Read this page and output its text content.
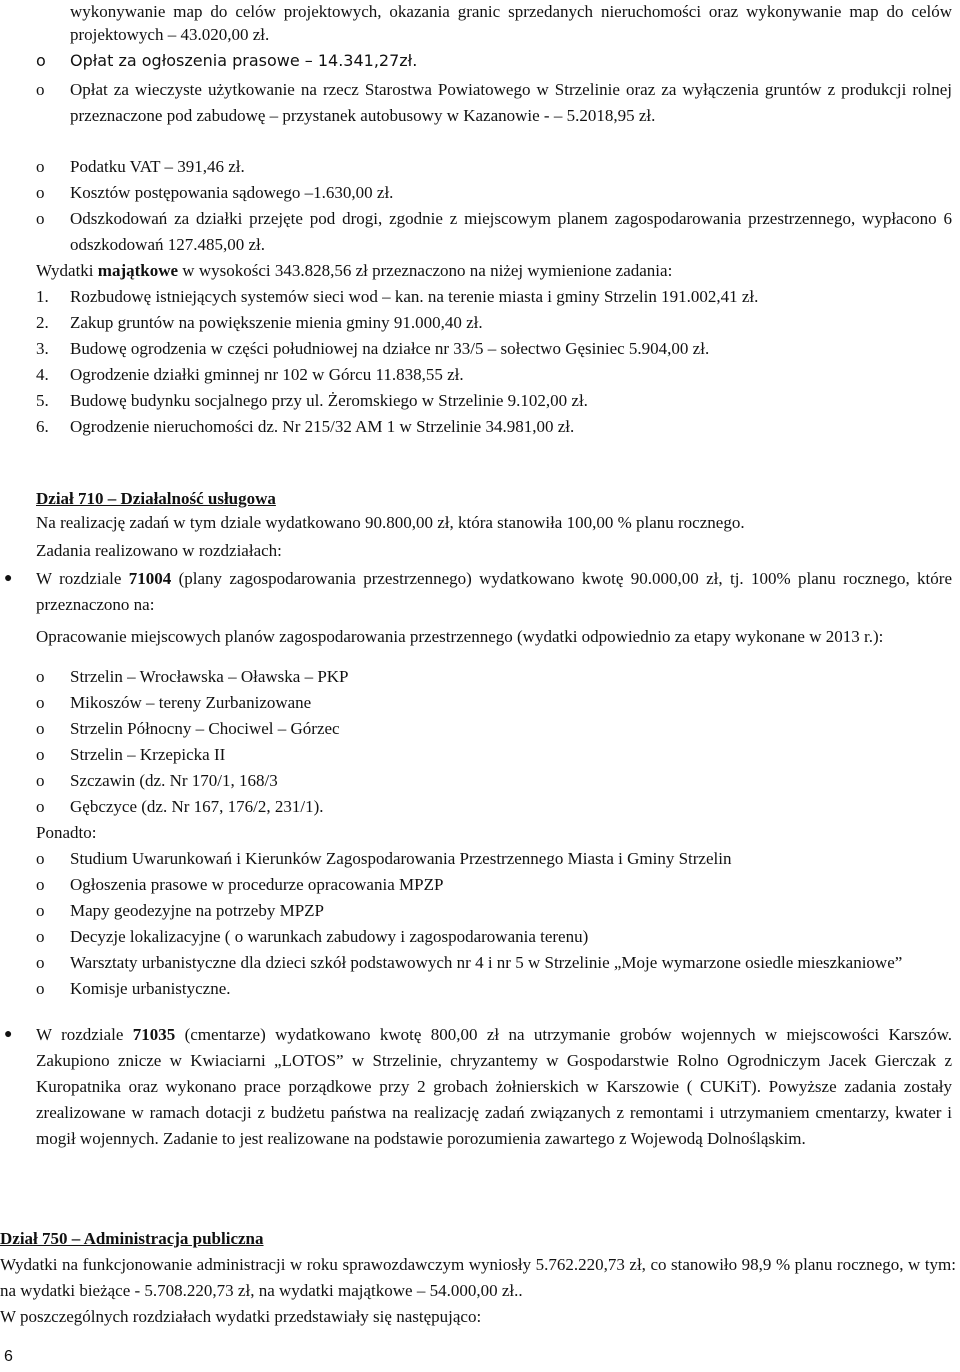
wykonywanie map do celów projektowych, okazania granic sprzedanych nieruchomości oraz wykonywanie map do celów projektowych – 43.020,00 zł.
o Opłat za ogłoszenia prasowe – 14.341,27zł.
o Opłat za wieczyste użytkowanie na rzecz Starostwa Powiatowego w Strzelinie oraz za wyłączenia gruntów z produkcji rolnej przeznaczone pod zabudowę – przystanek autobusowy w Kazanowie - – 5.2018,95 zł.
o Podatku VAT – 391,46 zł.
o Kosztów postępowania sądowego –1.630,00 zł.
o Odszkodowań za działki przejęte pod drogi, zgodnie z miejscowym planem zagospodarowania przestrzennego, wypłacono 6 odszkodowań 127.485,00 zł.
Wydatki majątkowe w wysokości 343.828,56 zł przeznaczono na niżej wymienione zadania:
1. Rozbudowę istniejących systemów sieci wod – kan. na terenie miasta i gminy Strzelin 191.002,41 zł.
2. Zakup gruntów na powiększenie mienia gminy 91.000,40 zł.
3. Budowę ogrodzenia w części południowej na działce nr 33/5 – sołectwo Gęsiniec 5.904,00 zł.
4. Ogrodzenie działki gminnej nr 102 w Górcu 11.838,55 zł.
5. Budowę budynku socjalnego przy ul. Żeromskiego w Strzelinie 9.102,00 zł.
6. Ogrodzenie nieruchomości dz. Nr 215/32 AM 1 w Strzelinie 34.981,00 zł.
Dział 710 – Działalność usługowa
Na realizację zadań w tym dziale wydatkowano 90.800,00 zł, która stanowiła 100,00 % planu rocznego.
Zadania realizowano w rozdziałach:
● W rozdziale 71004 (plany zagospodarowania przestrzennego) wydatkowano kwotę 90.000,00 zł, tj. 100% planu rocznego, które przeznaczono na:
Opracowanie miejscowych planów zagospodarowania przestrzennego (wydatki odpowiednio za etapy wykonane w 2013 r.):
o Strzelin – Wrocławska – Oławska – PKP
o Mikoszów – tereny Zurbanizowane
o Strzelin Północny – Chociwel – Górzec
o Strzelin – Krzepicka II
o Szczawin (dz. Nr 170/1, 168/3
o Gębczyce (dz. Nr 167, 176/2, 231/1).
Ponadto:
o Studium Uwarunkowań i Kierunków Zagospodarowania Przestrzennego Miasta i Gminy Strzelin
o Ogłoszenia prasowe w procedurze opracowania MPZP
o Mapy geodezyjne na potrzeby MPZP
o Decyzje lokalizacyjne ( o warunkach zabudowy i zagospodarowania terenu)
o Warsztaty urbanistyczne dla dzieci szkół podstawowych nr 4 i nr 5 w Strzelinie „Moje wymarzone osiedle mieszkaniowe”
o Komisje urbanistyczne.
● W rozdziale 71035 (cmentarze) wydatkowano kwotę 800,00 zł na utrzymanie grobów wojennych w miejscowości Karszów. Zakupiono znicze w Kwiaciarni „LOTOS” w Strzelinie, chryzantemy w Gospodarstwie Rolno Ogrodniczym Jacek Gierczak z Kuropatnika oraz wykonano prace porządkowe przy 2 grobach żołnierskich w Karszowie ( CUKiT). Powyższe zadania zostały zrealizowane w ramach dotacji z budżetu państwa na realizację zadań związanych z remontami i utrzymaniem cmentarzy, kwater i mogił wojennych. Zadanie to jest realizowane na podstawie porozumienia zawartego z Wojewodą Dolnośląskim.
Dział 750 – Administracja publiczna
Wydatki na funkcjonowanie administracji w roku sprawozdawczym wyniosły 5.762.220,73 zł, co stanowiło 98,9 % planu rocznego, w tym: na wydatki bieżące - 5.708.220,73 zł, na wydatki majątkowe – 54.000,00 zł..
W poszczególnych rozdziałach wydatki przedstawiały się następująco:
6
